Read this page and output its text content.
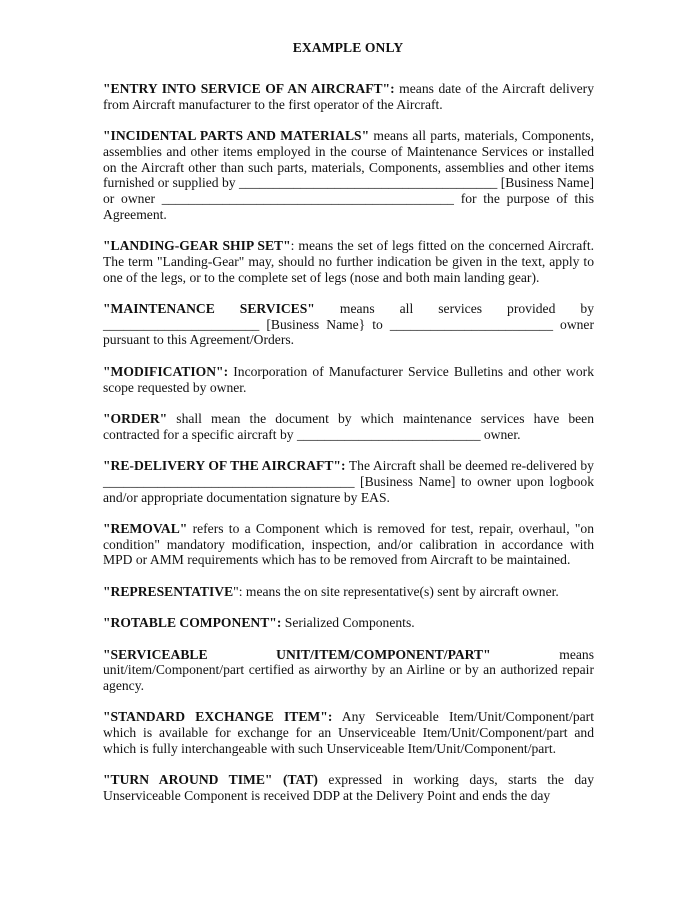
EXAMPLE ONLY

"ENTRY INTO SERVICE OF AN AIRCRAFT": means date of the Aircraft delivery from Aircraft manufacturer to the first operator of the Aircraft.

"INCIDENTAL PARTS AND MATERIALS" means all parts, materials, Components, assemblies and other items employed in the course of Maintenance Services or installed on the Aircraft other than such parts, materials, Components, assemblies and other items furnished or supplied by ______________________________________ [Business Name] or owner ___________________________________________ for the purpose of this Agreement.

"LANDING-GEAR SHIP SET": means the set of legs fitted on the concerned Aircraft. The term "Landing-Gear" may, should no further indication be given in the text, apply to one of the legs, or to the complete set of legs (nose and both main landing gear).

"MAINTENANCE SERVICES" means all services provided by _______________________ [Business Name} to ________________________ owner pursuant to this Agreement/Orders.

"MODIFICATION": Incorporation of Manufacturer Service Bulletins and other work scope requested by owner.

"ORDER" shall mean the document by which maintenance services have been contracted for a specific aircraft by ___________________________ owner.

"RE-DELIVERY OF THE AIRCRAFT": The Aircraft shall be deemed re-delivered by _____________________________________ [Business Name] to owner upon logbook and/or appropriate documentation signature by EAS.

"REMOVAL" refers to a Component which is removed for test, repair, overhaul, "on condition" mandatory modification, inspection, and/or calibration in accordance with MPD or AMM requirements which has to be removed from Aircraft to be maintained.

"REPRESENTATIVE": means the on site representative(s) sent by aircraft owner.

"ROTABLE COMPONENT": Serialized Components.

"SERVICEABLE UNIT/ITEM/COMPONENT/PART" means unit/item/Component/part certified as airworthy by an Airline or by an authorized repair agency.

"STANDARD EXCHANGE ITEM": Any Serviceable Item/Unit/Component/part which is available for exchange for an Unserviceable Item/Unit/Component/part and which is fully interchangeable with such Unserviceable Item/Unit/Component/part.

"TURN AROUND TIME" (TAT) expressed in working days, starts the day Unserviceable Component is received DDP at the Delivery Point and ends the day
